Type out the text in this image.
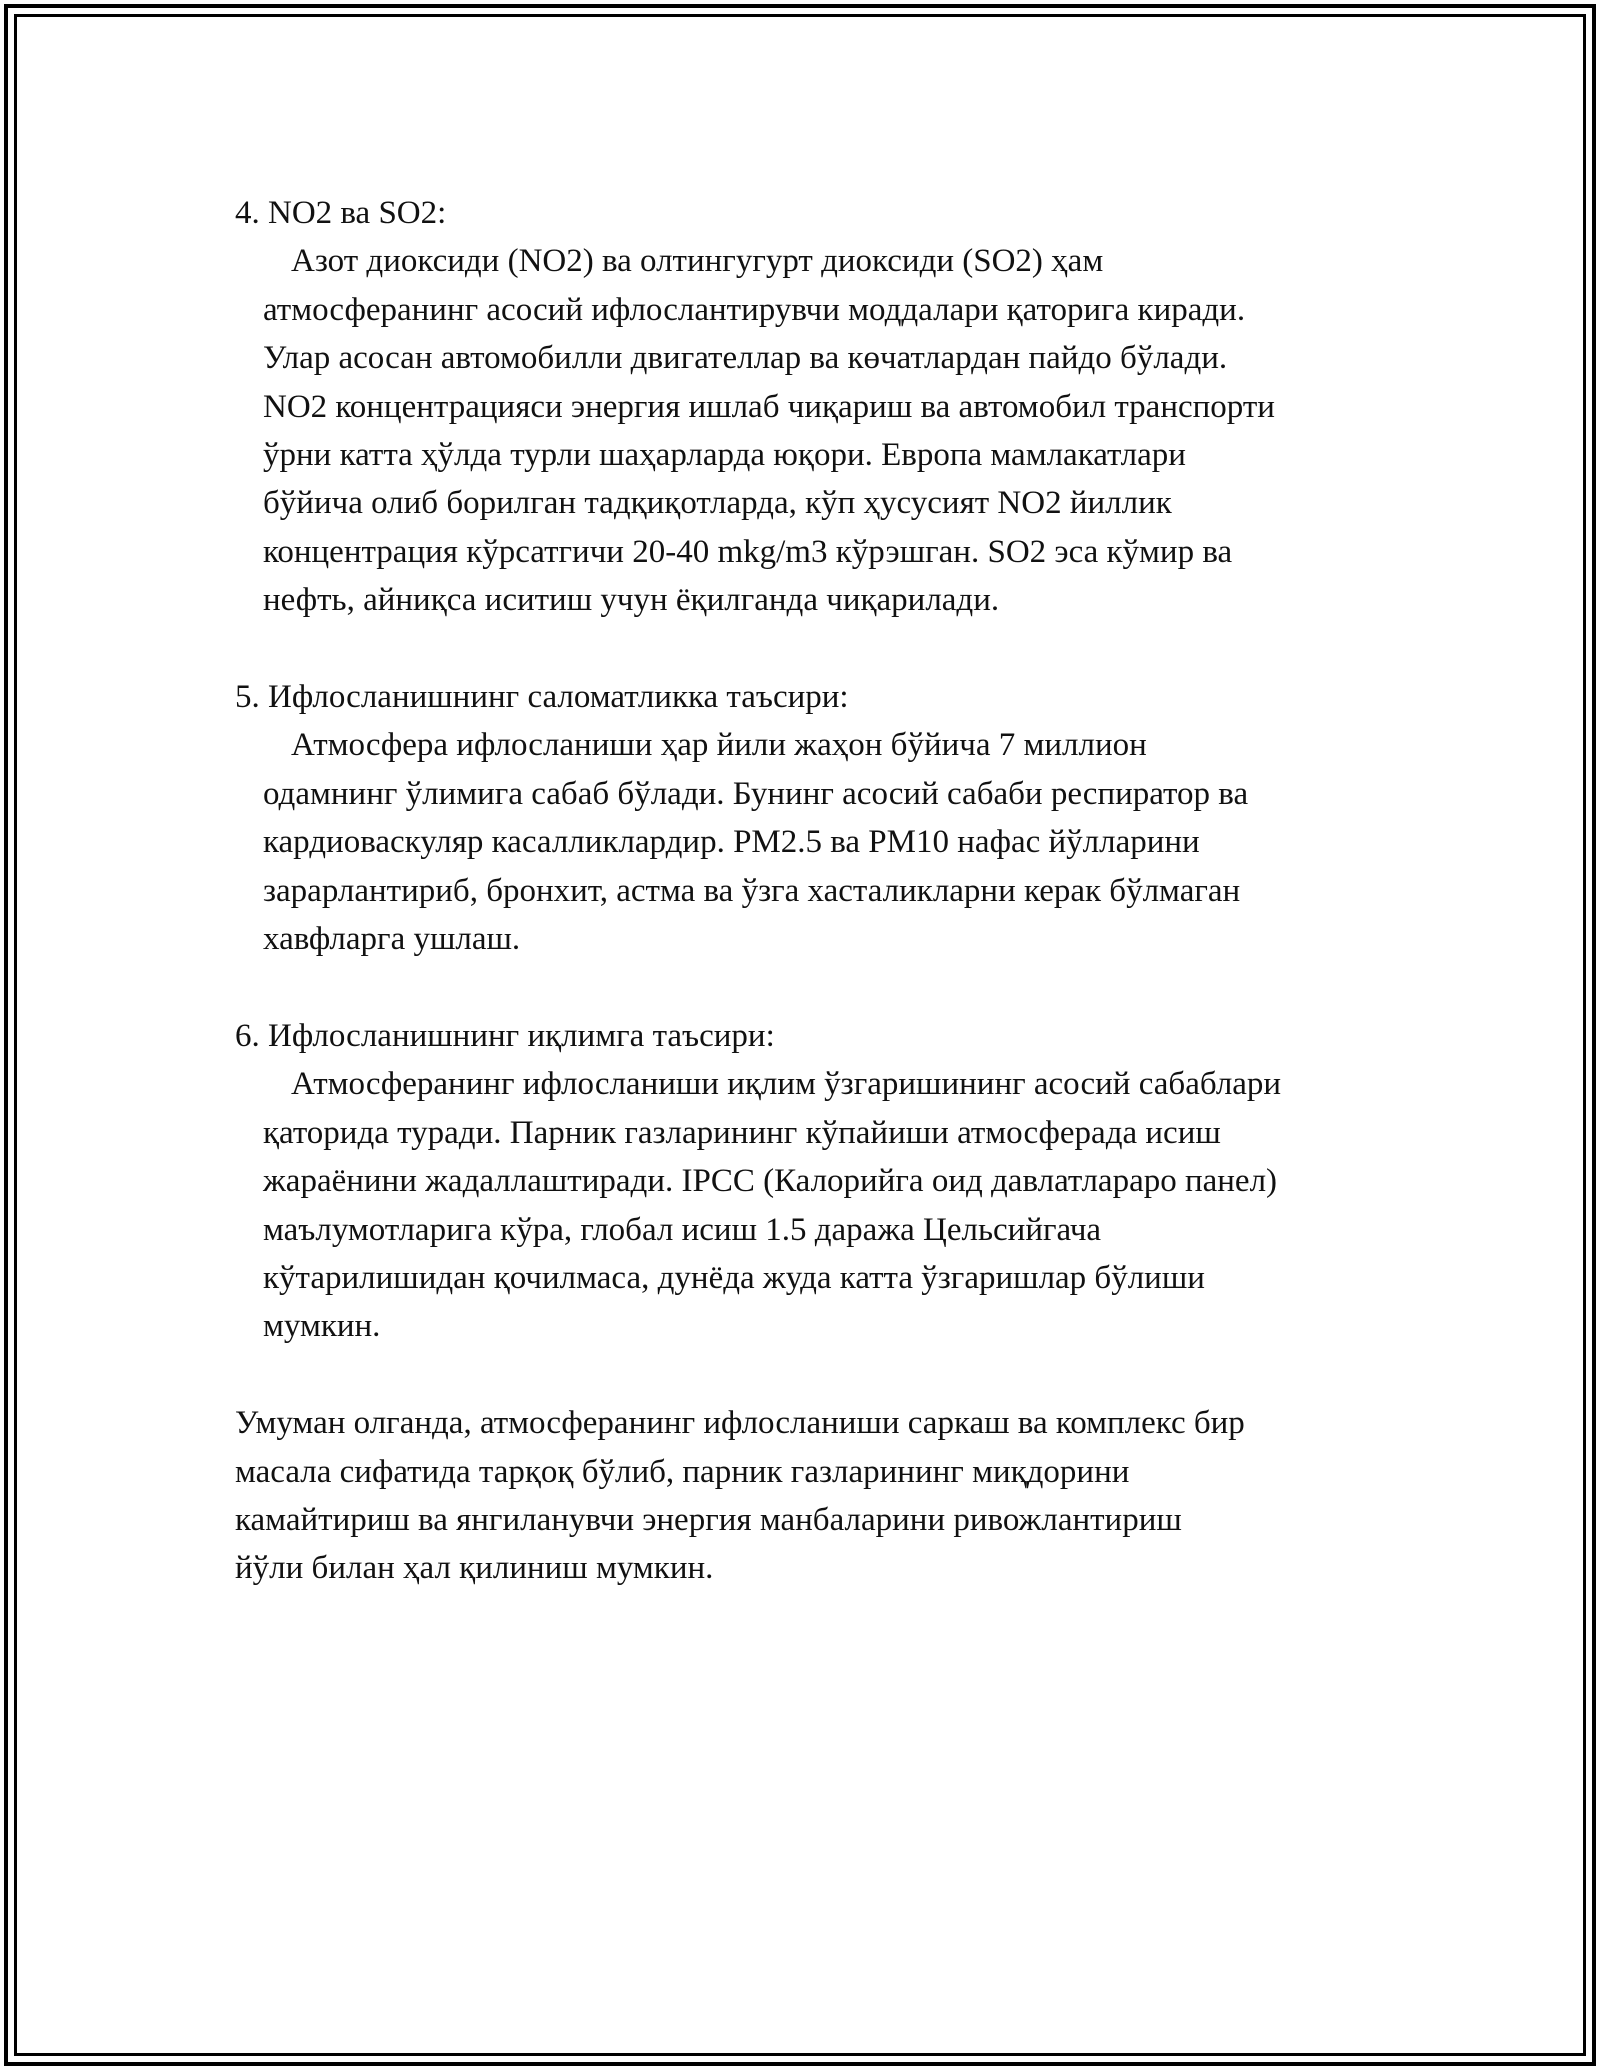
4. NO2 ва SO2:
Азот диоксиди (NO2) ва олтингугурт диоксиди (SO2) ҳам
атмосферанинг асосий ифлослантирувчи моддалари қаторига киради.
Улар асосан автомобилли двигателлар ва көчатлардан пайдо бўлади.
NO2 концентрацияси энергия ишлаб чиқариш ва автомобил транспорти
ўрни катта ҳўлда турли шаҳарларда юқори. Европа мамлакатлари
бўйича олиб борилган тадқиқотларда, кўп ҳусусият NO2 йиллик
концентрация кўрсатгичи 20-40 mkg/m3 кўрэшган. SO2 эса кўмир ва
нефть, айниқса иситиш учун ёқилганда чиқарилади.
5. Ифлосланишнинг саломатликка таъсири:
Атмосфера ифлосланиши ҳар йили жаҳон бўйича 7 миллион
одамнинг ўлимига сабаб бўлади. Бунинг асосий сабаби респиратор ва
кардиоваскуляр касалликлардир. PM2.5 ва PM10 нафас йўлларини
зарарлантириб, бронхит, астма ва ўзга хасталикларни керак бўлмаган
хавфларга ушлаш.
6. Ифлосланишнинг иқлимга таъсири:
Атмосферанинг ифлосланиши иқлим ўзгаришининг асосий сабаблари
қаторида туради. Парник газларининг кўпайиши атмосферада исиш
жараёнини жадаллаштиради. IPCC (Калорийга оид давлатлараро панел)
маълумотларига кўра, глобал исиш 1.5 даража Цельсийгача
кўтарилишидан қочилмаса, дунёда жуда катта ўзгаришлар бўлиши
мумкин.
Умуман олганда, атмосферанинг ифлосланиши саркаш ва комплекс бир
масала сифатида тарқоқ бўлиб, парник газларининг миқдорини
камайтириш ва янгиланувчи энергия манбаларини ривожлантириш
йўли билан ҳал қилиниш мумкин.
